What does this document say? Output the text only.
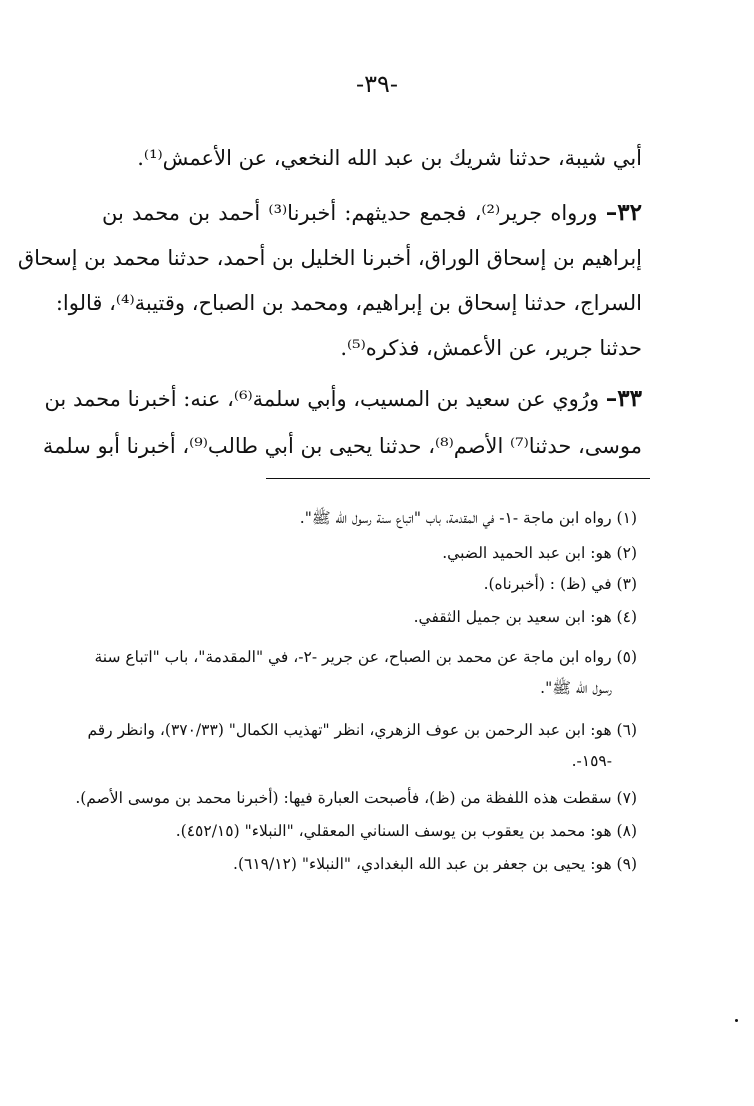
-٣٩-
أبي شيبة، حدثنا شريك بن عبد الله النخعي، عن الأعمش⁽¹⁾.
٣٢– ورواه جرير⁽²⁾، فجمع حديثهم: أخبرنا⁽³⁾ أحمد بن محمد بن
إبراهيم بن إسحاق الوراق، أخبرنا الخليل بن أحمد، حدثنا محمد بن إسحاق
السراج، حدثنا إسحاق بن إبراهيم، ومحمد بن الصباح، وقتيبة⁽⁴⁾، قالوا:
حدثنا جرير، عن الأعمش، فذكره⁽⁵⁾.
٣٣– ورُوي عن سعيد بن المسيب، وأبي سلمة⁽⁶⁾، عنه: أخبرنا محمد بن
موسى، حدثنا⁽⁷⁾ الأصم⁽⁸⁾، حدثنا يحيى بن أبي طالب⁽⁹⁾، أخبرنا أبو سلمة
(١) رواه ابن ماجة -١- في المقدمة، باب "اتباع سنة رسول الله ﷺ".
(٢) هو: ابن عبد الحميد الضبي.
(٣) في (ظ) : (أخبرناه).
(٤) هو: ابن سعيد بن جميل الثقفي.
(٥) رواه ابن ماجة عن محمد بن الصباح، عن جرير -٢-، في "المقدمة"، باب "اتباع سنة
رسول الله ﷺ".
(٦) هو: ابن عبد الرحمن بن عوف الزهري، انظر "تهذيب الكمال" (٣٧٠/٣٣)، وانظر رقم
-١٥٩-.
(٧) سقطت هذه اللفظة من (ظ)، فأصبحت العبارة فيها: (أخبرنا محمد بن موسى الأصم).
(٨) هو: محمد بن يعقوب بن يوسف السناني المعقلي، "النبلاء" (٤٥٢/١٥).
(٩) هو: يحيى بن جعفر بن عبد الله البغدادي، "النبلاء" (٦١٩/١٢).
